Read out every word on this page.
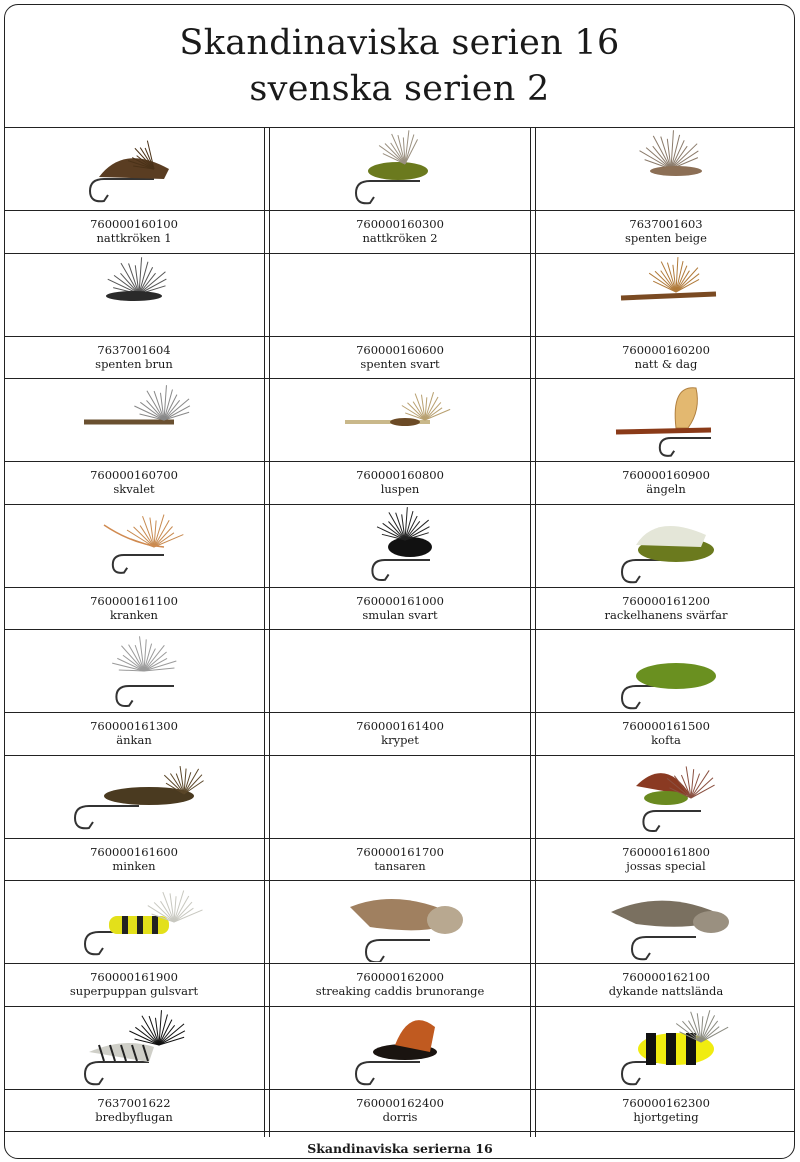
Skandinaviska serien 16
svenska serien 2
760000160100
nattkröken 1
760000160300
nattkröken 2
7637001603
spenten beige
7637001604
spenten brun
760000160600
spenten svart
760000160200
natt & dag
760000160700
skvalet
760000160800
luspen
760000160900
ängeln
760000161100
kranken
760000161000
smulan svart
760000161200
rackelhanens svärfar
760000161300
änkan
760000161400
krypet
760000161500
kofta
760000161600
minken
760000161700
tansaren
760000161800
jossas special
760000161900
superpuppan gulsvart
760000162000
streaking caddis brunorange
760000162100
dykande nattslända
7637001622
bredbyflugan
760000162400
dorris
760000162300
hjortgeting
Skandinaviska serierna 16
